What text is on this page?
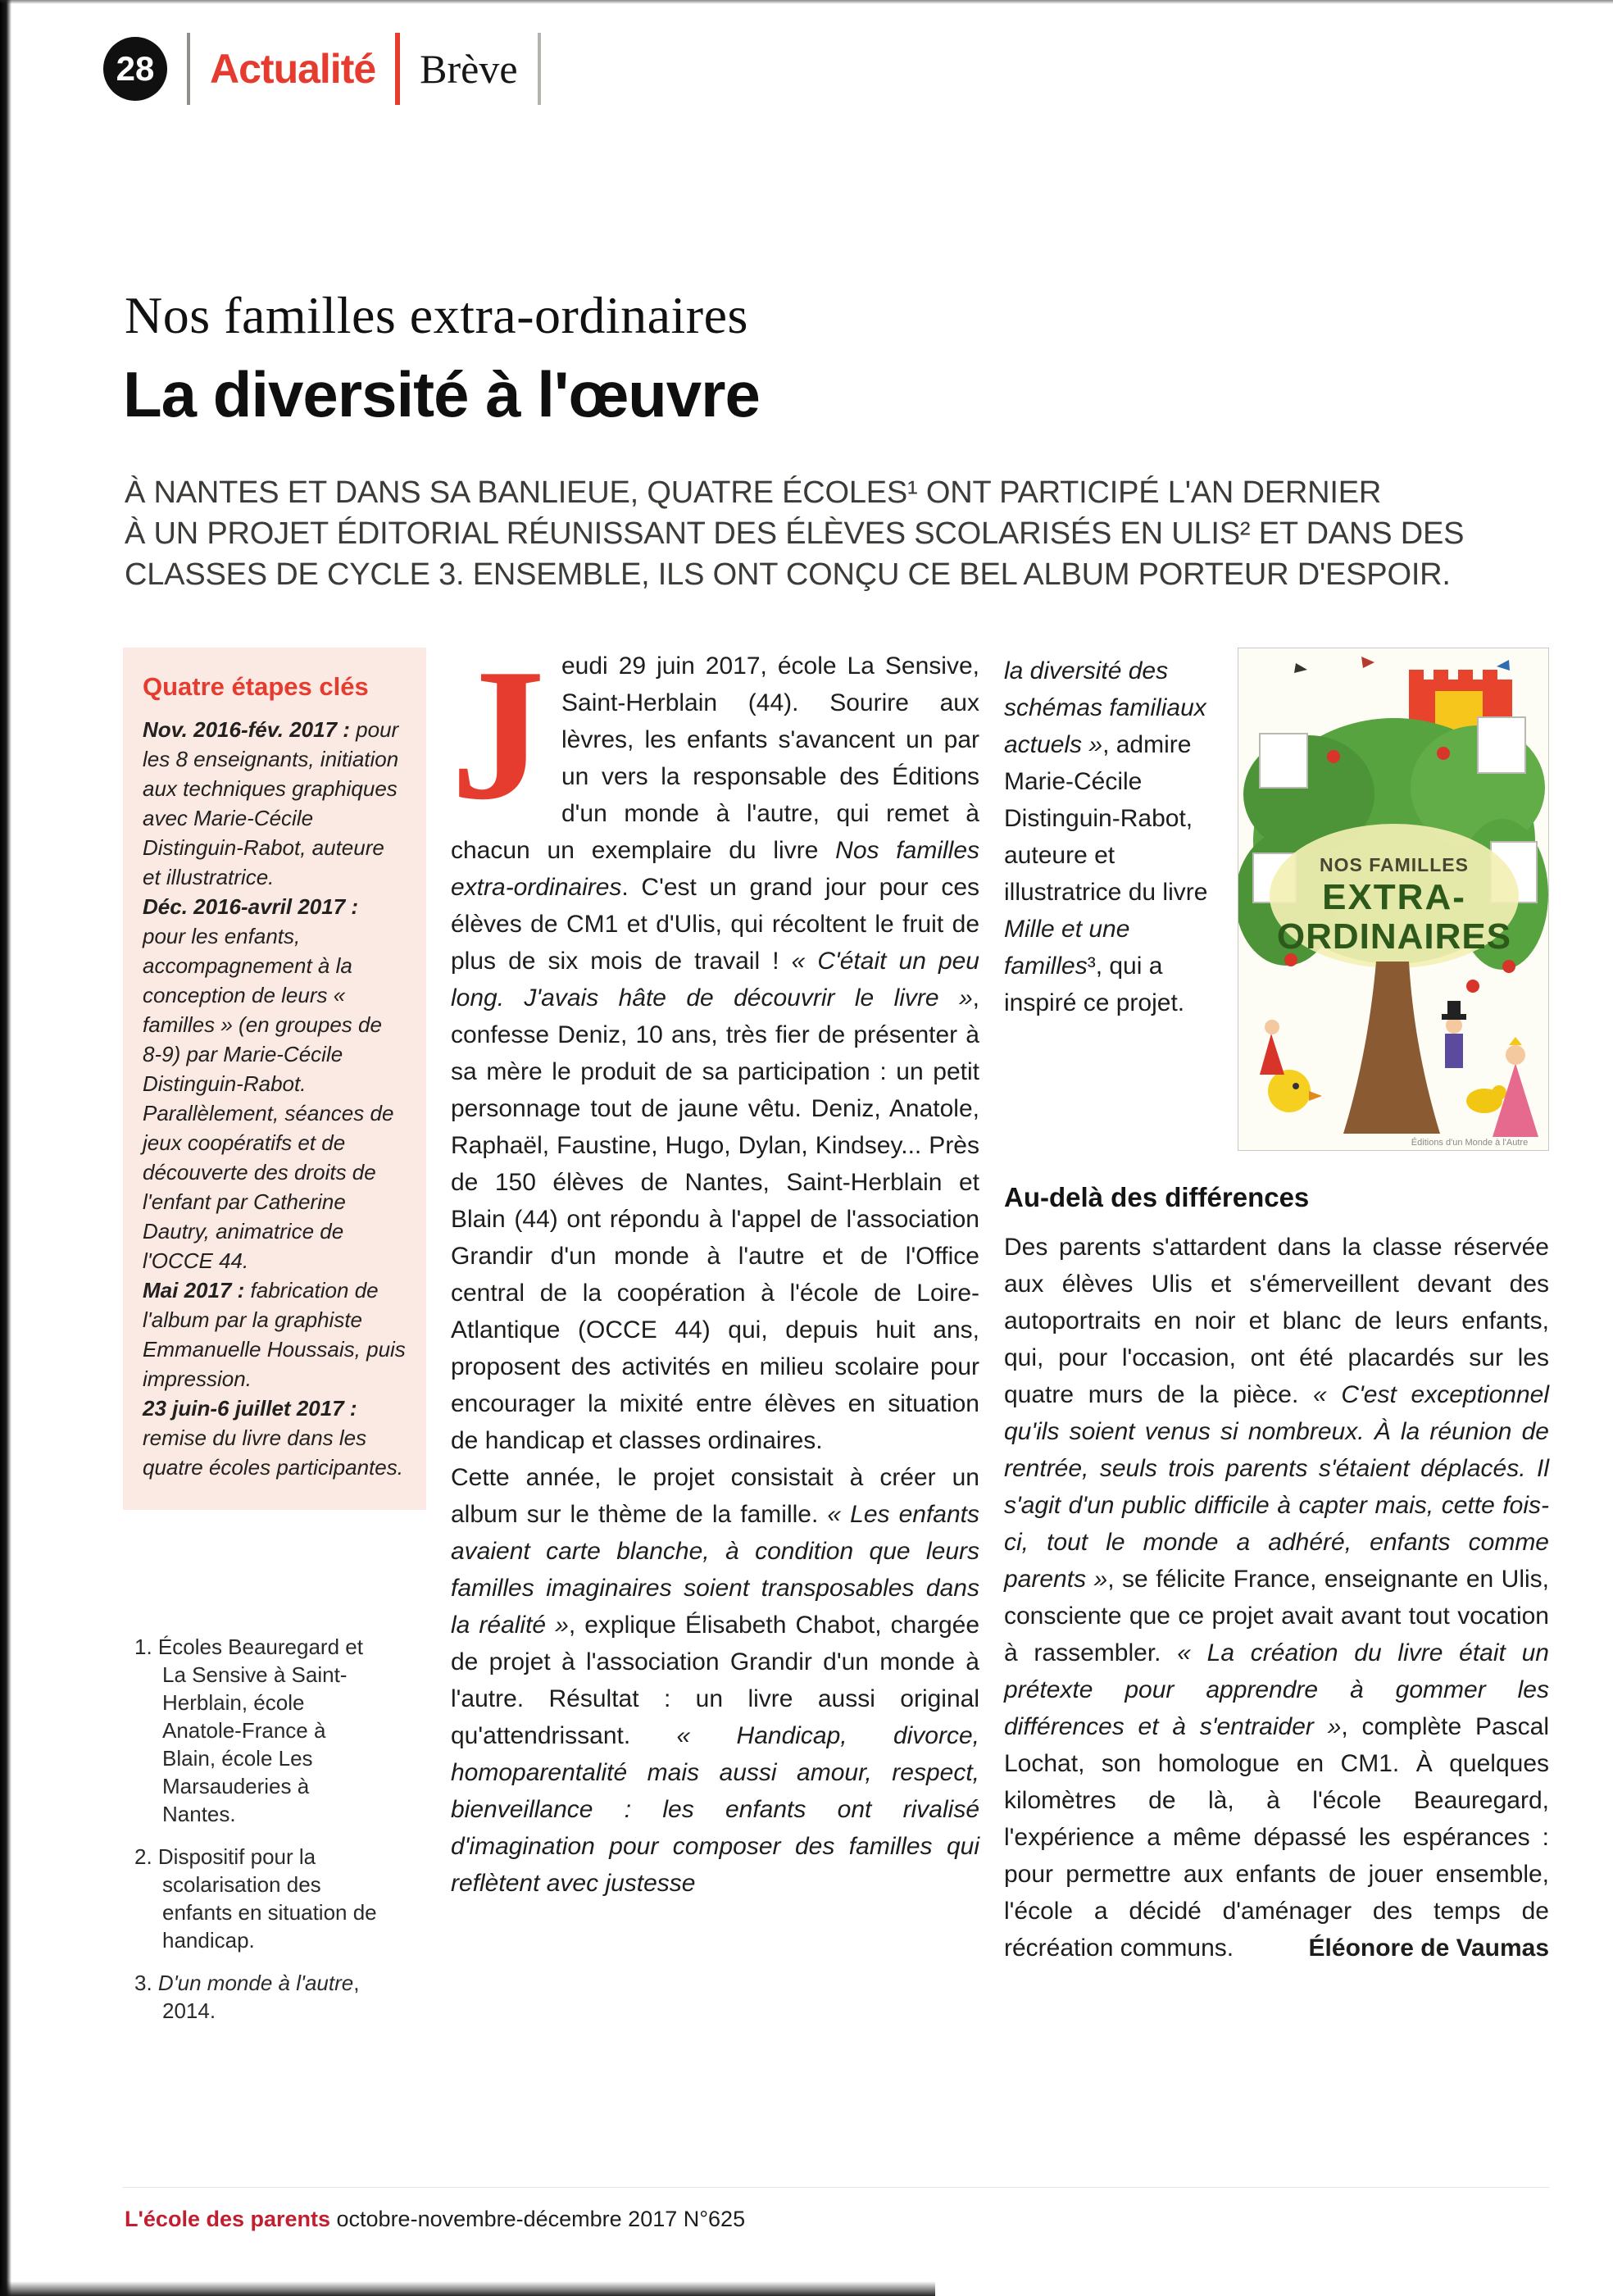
28	Actualité Brève
Nos familles extra-ordinaires
La diversité à l'œuvre
À NANTES ET DANS SA BANLIEUE, QUATRE ÉCOLES¹ ONT PARTICIPÉ L'AN DERNIER
À UN PROJET ÉDITORIAL RÉUNISSANT DES ÉLÈVES SCOLARISÉS EN ULIS² ET DANS DES
CLASSES DE CYCLE 3. ENSEMBLE, ILS ONT CONÇU CE BEL ALBUM PORTEUR D'ESPOIR.
Quatre étapes clés
Nov. 2016-fév. 2017 : pour les 8 enseignants, initiation aux techniques graphiques avec Marie-Cécile Distinguin-Rabot, auteure et illustratrice.
Déc. 2016-avril 2017 : pour les enfants, accompagnement à la conception de leurs « familles » (en groupes de 8-9) par Marie-Cécile Distinguin-Rabot. Parallèlement, séances de jeux coopératifs et de découverte des droits de l'enfant par Catherine Dautry, animatrice de l'OCCE 44.
Mai 2017 : fabrication de l'album par la graphiste Emmanuelle Houssais, puis impression.
23 juin-6 juillet 2017 : remise du livre dans les quatre écoles participantes.
1. Écoles Beauregard et La Sensive à Saint-Herblain, école Anatole-France à Blain, école Les Marsauderies à Nantes.
2. Dispositif pour la scolarisation des enfants en situation de handicap.
3. D'un monde à l'autre, 2014.

Jeudi 29 juin 2017, école La Sensive, Saint-Herblain (44). Sourire aux lèvres, les enfants s'avancent un par un vers la responsable des Éditions d'un monde à l'autre, qui remet à chacun un exemplaire du livre Nos familles extra-ordinaires. C'est un grand jour pour ces élèves de CM1 et d'Ulis, qui récoltent le fruit de plus de six mois de travail ! « C'était un peu long. J'avais hâte de découvrir le livre », confesse Deniz, 10 ans, très fier de présenter à sa mère le produit de sa participation : un petit personnage tout de jaune vêtu. Deniz, Anatole, Raphaël, Faustine, Hugo, Dylan, Kindsey... Près de 150 élèves de Nantes, Saint-Herblain et Blain (44) ont répondu à l'appel de l'association Grandir d'un monde à l'autre et de l'Office central de la coopération à l'école de Loire-Atlantique (OCCE 44) qui, depuis huit ans, proposent des activités en milieu scolaire pour encourager la mixité entre élèves en situation de handicap et classes ordinaires.

Cette année, le projet consistait à créer un album sur le thème de la famille. « Les enfants avaient carte blanche, à condition que leurs familles imaginaires soient transposables dans la réalité », explique Élisabeth Chabot, chargée de projet à l'association Grandir d'un monde à l'autre. Résultat : un livre aussi original qu'attendrissant. « Handicap, divorce, homoparentalité mais aussi amour, respect, bienveillance : les enfants ont rivalisé d'imagination pour composer des familles qui reflètent avec justesse

la diversité des schémas familiaux actuels », admire Marie-Cécile Distinguin-Rabot, auteure et illustratrice du livre Mille et une familles³, qui a inspiré ce projet.
NOS FAMILLES
EXTRA-
ORDINAIRES
Éditions d'un Monde à l'Autre
Au-delà des différences

Des parents s'attardent dans la classe réservée aux élèves Ulis et s'émerveillent devant des autoportraits en noir et blanc de leurs enfants, qui, pour l'occasion, ont été placardés sur les quatre murs de la pièce. « C'est exceptionnel qu'ils soient venus si nombreux. À la réunion de rentrée, seuls trois parents s'étaient déplacés. Il s'agit d'un public difficile à capter mais, cette fois-ci, tout le monde a adhéré, enfants comme parents », se félicite France, enseignante en Ulis, consciente que ce projet avait avant tout vocation à rassembler. « La création du livre était un prétexte pour apprendre à gommer les différences et à s'entraider », complète Pascal Lochat, son homologue en CM1. À quelques kilomètres de là, à l'école Beauregard, l'expérience a même dépassé les espérances : pour permettre aux enfants de jouer ensemble, l'école a décidé d'aménager des temps de récréation communs.	Éléonore de Vaumas
L'école des parents octobre-novembre-décembre 2017 N°625
